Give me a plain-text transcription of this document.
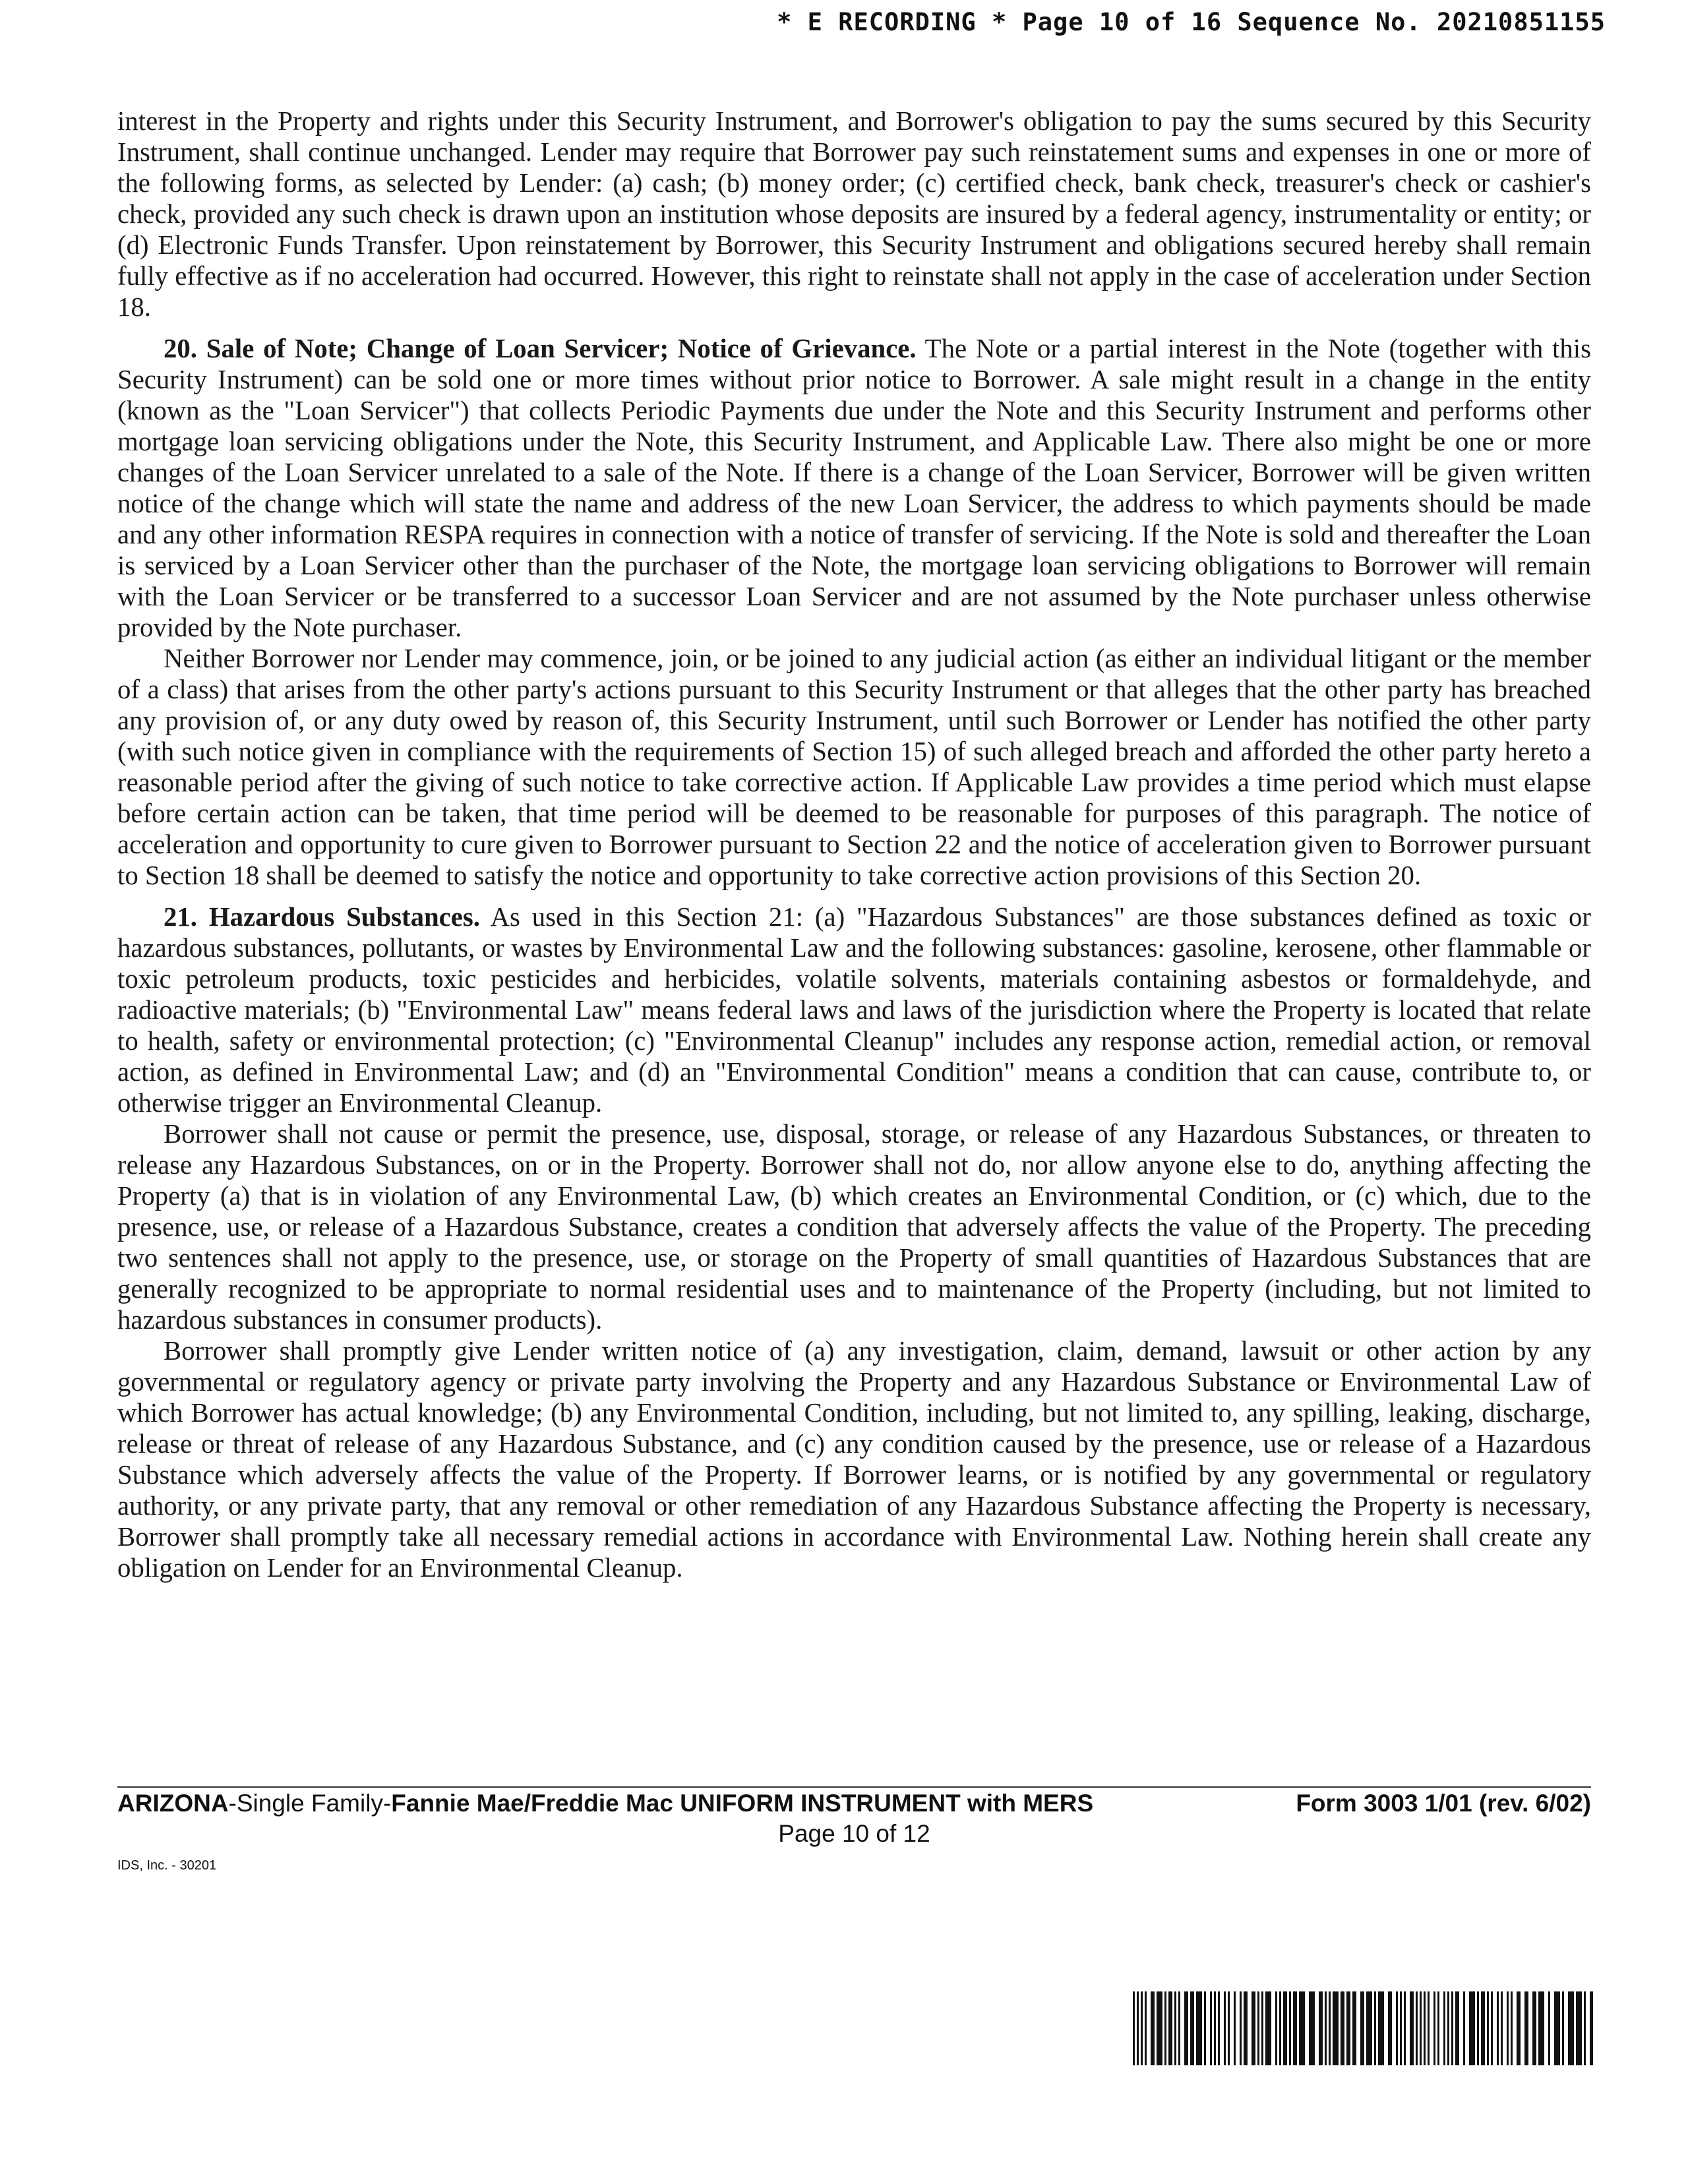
* E RECORDING * Page 10 of 16 Sequence No. 20210851155

interest in the Property and rights under this Security Instrument, and Borrower's obligation to pay the sums secured by this Security Instrument, shall continue unchanged. Lender may require that Borrower pay such reinstatement sums and expenses in one or more of the following forms, as selected by Lender: (a) cash; (b) money order; (c) certified check, bank check, treasurer's check or cashier's check, provided any such check is drawn upon an institution whose deposits are insured by a federal agency, instrumentality or entity; or (d) Electronic Funds Transfer. Upon reinstatement by Borrower, this Security Instrument and obligations secured hereby shall remain fully effective as if no acceleration had occurred. However, this right to reinstate shall not apply in the case of acceleration under Section 18.

20. Sale of Note; Change of Loan Servicer; Notice of Grievance. The Note or a partial interest in the Note (together with this Security Instrument) can be sold one or more times without prior notice to Borrower. A sale might result in a change in the entity (known as the "Loan Servicer") that collects Periodic Payments due under the Note and this Security Instrument and performs other mortgage loan servicing obligations under the Note, this Security Instrument, and Applicable Law. There also might be one or more changes of the Loan Servicer unrelated to a sale of the Note. If there is a change of the Loan Servicer, Borrower will be given written notice of the change which will state the name and address of the new Loan Servicer, the address to which payments should be made and any other information RESPA requires in connection with a notice of transfer of servicing. If the Note is sold and thereafter the Loan is serviced by a Loan Servicer other than the purchaser of the Note, the mortgage loan servicing obligations to Borrower will remain with the Loan Servicer or be transferred to a successor Loan Servicer and are not assumed by the Note purchaser unless otherwise provided by the Note purchaser.

Neither Borrower nor Lender may commence, join, or be joined to any judicial action (as either an individual litigant or the member of a class) that arises from the other party's actions pursuant to this Security Instrument or that alleges that the other party has breached any provision of, or any duty owed by reason of, this Security Instrument, until such Borrower or Lender has notified the other party (with such notice given in compliance with the requirements of Section 15) of such alleged breach and afforded the other party hereto a reasonable period after the giving of such notice to take corrective action. If Applicable Law provides a time period which must elapse before certain action can be taken, that time period will be deemed to be reasonable for purposes of this paragraph. The notice of acceleration and opportunity to cure given to Borrower pursuant to Section 22 and the notice of acceleration given to Borrower pursuant to Section 18 shall be deemed to satisfy the notice and opportunity to take corrective action provisions of this Section 20.

21. Hazardous Substances. As used in this Section 21: (a) "Hazardous Substances" are those substances defined as toxic or hazardous substances, pollutants, or wastes by Environmental Law and the following substances: gasoline, kerosene, other flammable or toxic petroleum products, toxic pesticides and herbicides, volatile solvents, materials containing asbestos or formaldehyde, and radioactive materials; (b) "Environmental Law" means federal laws and laws of the jurisdiction where the Property is located that relate to health, safety or environmental protection; (c) "Environmental Cleanup" includes any response action, remedial action, or removal action, as defined in Environmental Law; and (d) an "Environmental Condition" means a condition that can cause, contribute to, or otherwise trigger an Environmental Cleanup.

Borrower shall not cause or permit the presence, use, disposal, storage, or release of any Hazardous Substances, or threaten to release any Hazardous Substances, on or in the Property. Borrower shall not do, nor allow anyone else to do, anything affecting the Property (a) that is in violation of any Environmental Law, (b) which creates an Environmental Condition, or (c) which, due to the presence, use, or release of a Hazardous Substance, creates a condition that adversely affects the value of the Property. The preceding two sentences shall not apply to the presence, use, or storage on the Property of small quantities of Hazardous Substances that are generally recognized to be appropriate to normal residential uses and to maintenance of the Property (including, but not limited to hazardous substances in consumer products).

Borrower shall promptly give Lender written notice of (a) any investigation, claim, demand, lawsuit or other action by any governmental or regulatory agency or private party involving the Property and any Hazardous Substance or Environmental Law of which Borrower has actual knowledge; (b) any Environmental Condition, including, but not limited to, any spilling, leaking, discharge, release or threat of release of any Hazardous Substance, and (c) any condition caused by the presence, use or release of a Hazardous Substance which adversely affects the value of the Property. If Borrower learns, or is notified by any governmental or regulatory authority, or any private party, that any removal or other remediation of any Hazardous Substance affecting the Property is necessary, Borrower shall promptly take all necessary remedial actions in accordance with Environmental Law. Nothing herein shall create any obligation on Lender for an Environmental Cleanup.

ARIZONA-Single Family-Fannie Mae/Freddie Mac UNIFORM INSTRUMENT with MERS	Form 3003 1/01 (rev. 6/02)
Page 10 of 12
IDS, Inc. - 30201
